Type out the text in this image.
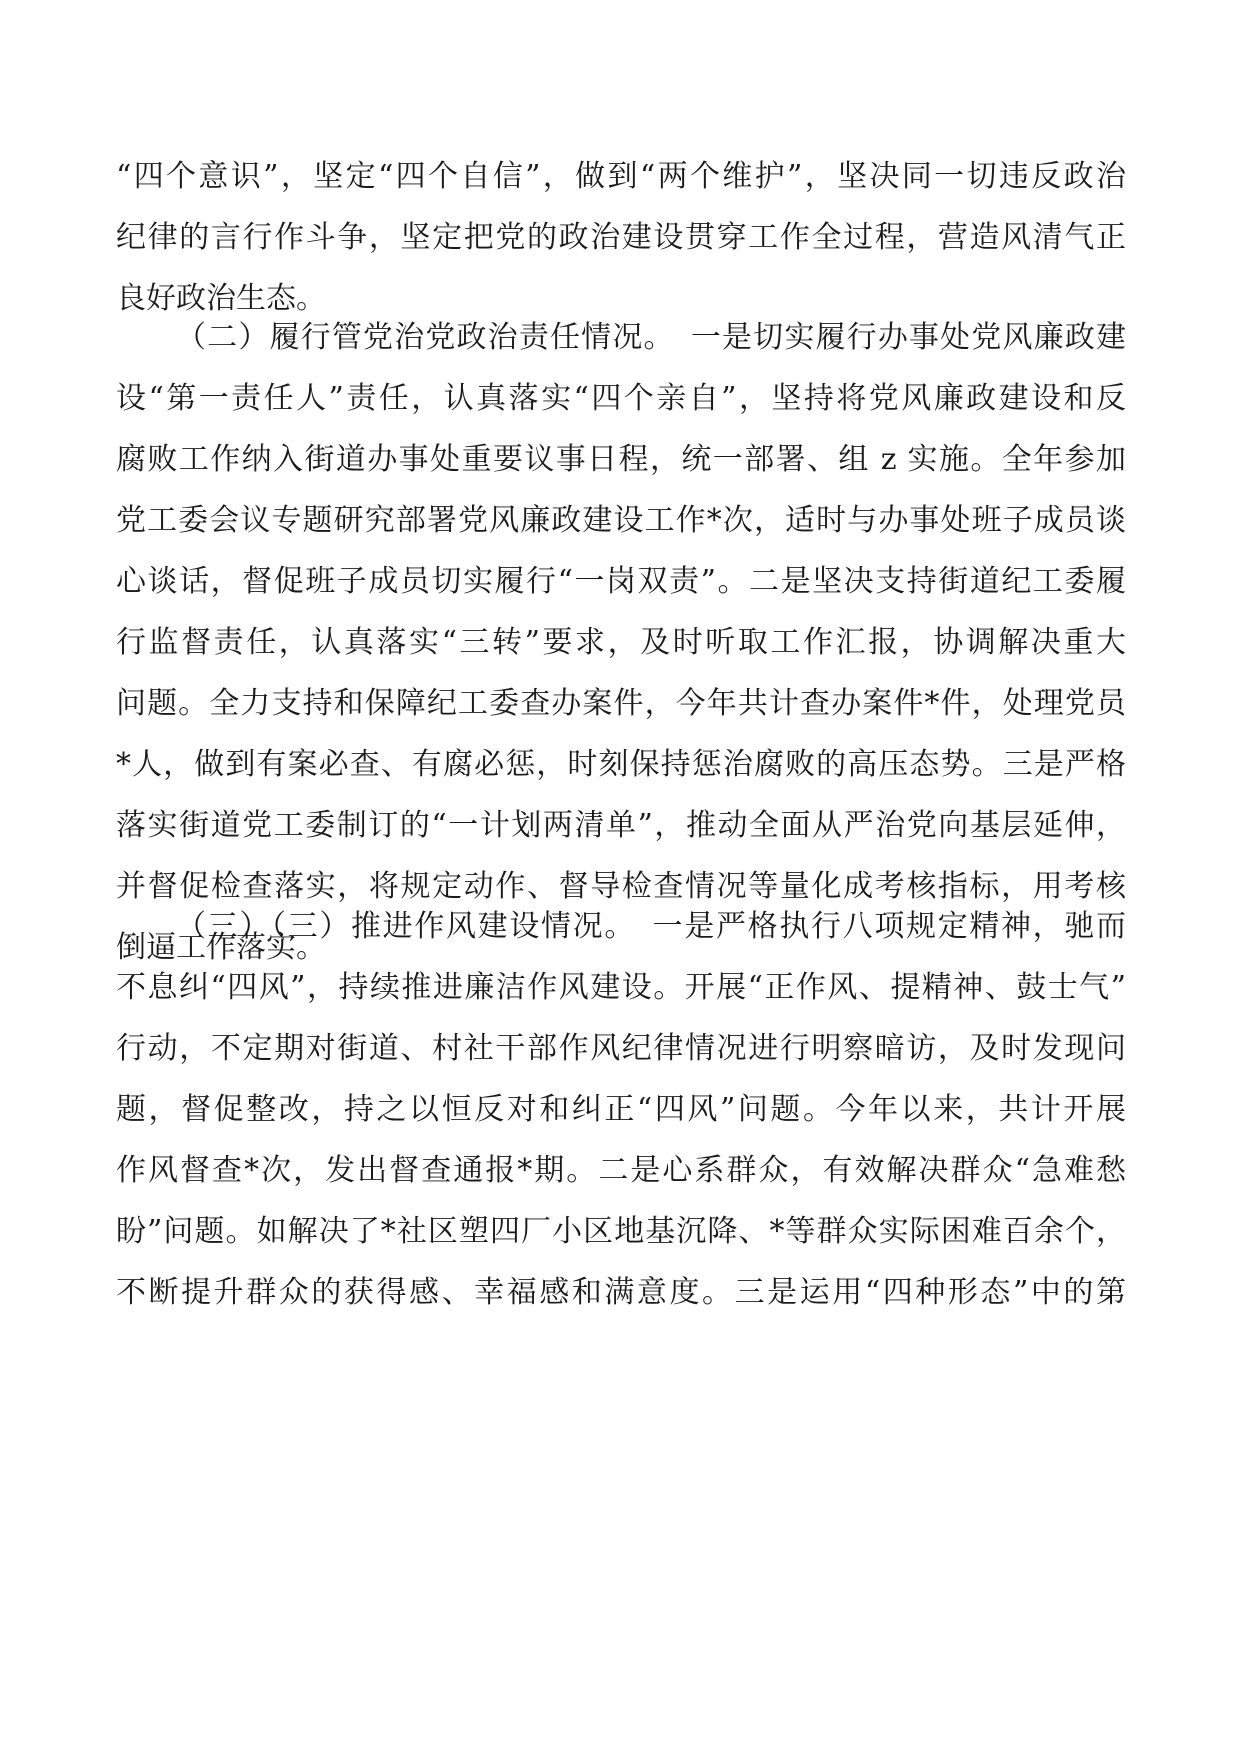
“四个意识”，坚定“四个自信”，做到“两个维护”，坚决同一切违反政治
纪律的言行作斗争，坚定把党的政治建设贯穿工作全过程，营造风清气正
良好政治生态。
（二）履行管党治党政治责任情况。　一是切实履行办事处党风廉政建
设“第一责任人”责任，认真落实“四个亲自”，坚持将党风廉政建设和反
腐败工作纳入街道办事处重要议事日程，统一部署、组 z 实施。全年参加
党工委会议专题研究部署党风廉政建设工作*次，适时与办事处班子成员谈
心谈话，督促班子成员切实履行“一岗双责”。二是坚决支持街道纪工委履
行监督责任，认真落实“三转”要求，及时听取工作汇报，协调解决重大
问题。全力支持和保障纪工委查办案件，今年共计查办案件*件，处理党员
*人，做到有案必查、有腐必惩，时刻保持惩治腐败的高压态势。三是严格
落实街道党工委制订的“一计划两清单”，推动全面从严治党向基层延伸，
并督促检查落实，将规定动作、督导检查情况等量化成考核指标，用考核
倒逼工作落实。
（三）（三）推进作风建设情况。　一是严格执行八项规定精神，驰而
不息纠“四风”，持续推进廉洁作风建设。开展“正作风、提精神、鼓士气”
行动，不定期对街道、村社干部作风纪律情况进行明察暗访，及时发现问
题，督促整改，持之以恒反对和纠正“四风”问题。今年以来，共计开展
作风督查*次，发出督查通报*期。二是心系群众，有效解决群众“急难愁
盼”问题。如解决了*社区塑四厂小区地基沉降、*等群众实际困难百余个，
不断提升群众的获得感、幸福感和满意度。三是运用“四种形态”中的第
